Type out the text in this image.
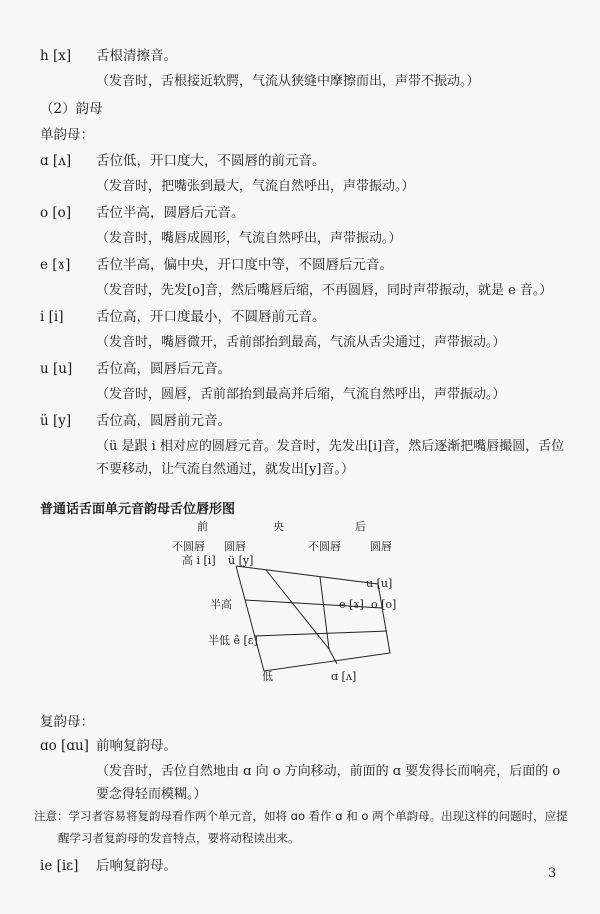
h [x] 舌根清擦音。
（发音时，舌根接近软腭，气流从狭缝中摩擦而出，声带不振动。）
（2）韵母
单韵母：
ɑ [ʌ] 舌位低，开口度大，不圆唇的前元音。
（发音时，把嘴张到最大，气流自然呼出，声带振动。）
o [o] 舌位半高，圆唇后元音。
（发音时，嘴唇成圆形，气流自然呼出，声带振动。）
e [ɤ] 舌位半高，偏中央，开口度中等，不圆唇后元音。
（发音时，先发[o]音，然后嘴唇后缩，不再圆唇，同时声带振动，就是 e 音。）
i [i] 舌位高，开口度最小，不圆唇前元音。
（发音时，嘴唇微开，舌前部抬到最高，气流从舌尖通过，声带振动。）
u [u] 舌位高，圆唇后元音。
（发音时，圆唇，舌前部抬到最高并后缩，气流自然呼出，声带振动。）
ü [y] 舌位高，圆唇前元音。
（ü 是跟 i 相对应的圆唇元音。发音时，先发出[i]音，然后逐渐把嘴唇撮圆，舌位
不要移动，让气流自然通过，就发出[y]音。）
普通话舌面单元音韵母舌位唇形图
前	央	后
不圆唇 圆唇	不圆唇	圆唇
高 i [i] ü [y]
u [u]
半高	e [ɤ] o [o]
半低 ê [ɛ]
低	ɑ [ʌ]
复韵母：
ɑo [ɑu] 前响复韵母。
（发音时，舌位自然地由 ɑ 向 o 方向移动，前面的 ɑ 要发得长而响亮，后面的 o
要念得轻而模糊。）
注意：学习者容易将复韵母看作两个单元音，如将 ɑo 看作 ɑ 和 o 两个单韵母。出现这样的问题时，应提
醒学习者复韵母的发音特点，要将动程读出来。
ie [iɛ] 后响复韵母。	3
